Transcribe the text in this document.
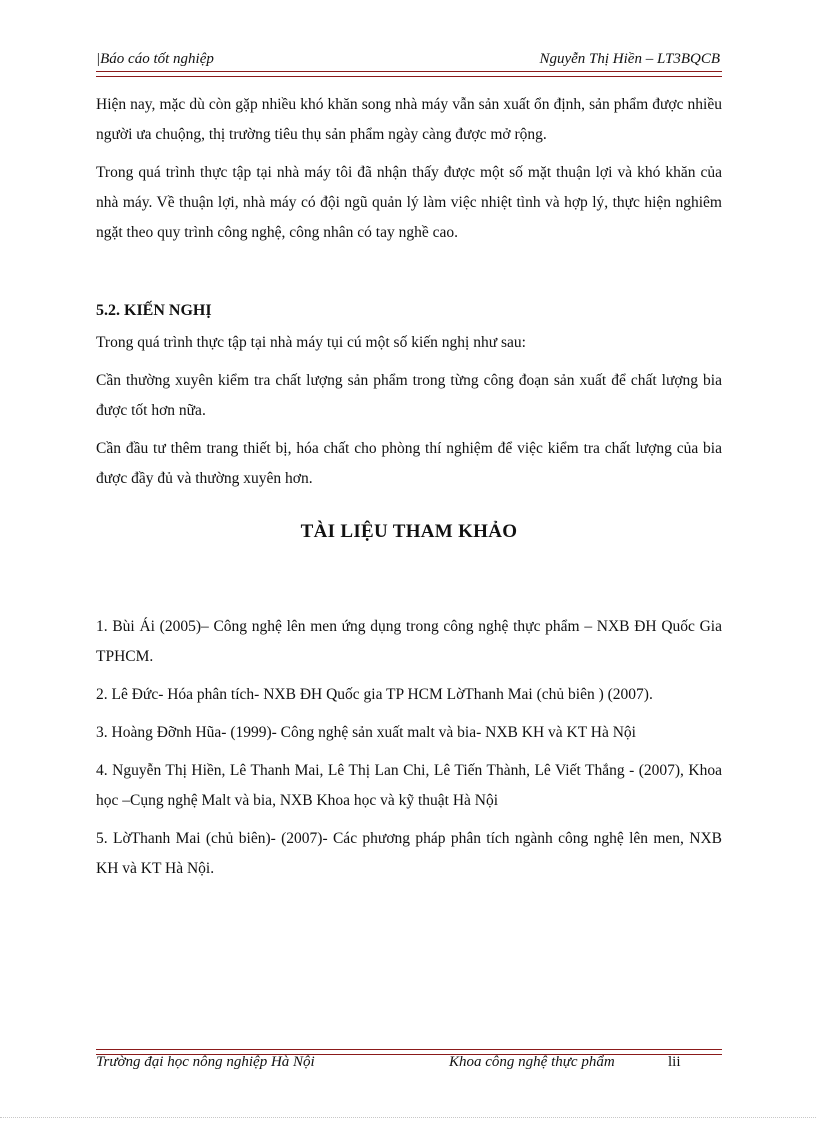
|Báo cáo tốt nghiệp	Nguyễn Thị Hiền – LT3BQCB

Hiện nay, mặc dù còn gặp nhiều khó khăn song nhà máy vẫn sản xuất ổn định, sản phẩm được nhiều người ưa chuộng, thị trường tiêu thụ sản phẩm ngày càng được mở rộng.

Trong quá trình thực tập tại nhà máy tôi đã nhận thấy được một số mặt thuận lợi và khó khăn của nhà máy. Về thuận lợi, nhà máy có đội ngũ quản lý làm việc nhiệt tình và hợp lý, thực hiện nghiêm ngặt theo quy trình công nghệ, công nhân có tay nghề cao.

5.2. KIẾN NGHỊ

Trong quá trình thực tập tại nhà máy tụi cú một số kiến nghị như sau:

Cần thường xuyên kiểm tra chất lượng sản phẩm trong từng công đoạn sản xuất để chất lượng bia được tốt hơn nữa.

Cần đầu tư thêm trang thiết bị, hóa chất cho phòng thí nghiệm để việc kiểm tra chất lượng của bia được đầy đủ và thường xuyên hơn.

TÀI LIỆU THAM KHẢO

1. Bùi Ái (2005)– Công nghệ lên men ứng dụng trong công nghệ thực phẩm – NXB ĐH Quốc Gia TPHCM.

2. Lê Đức- Hóa phân tích- NXB ĐH Quốc gia TP HCM LờThanh Mai (chủ biên ) (2007).

3. Hoàng Đỡnh Hũa- (1999)- Công nghệ sản xuất malt và bia- NXB KH và KT Hà Nội

4. Nguyễn Thị Hiền, Lê Thanh Mai, Lê Thị Lan Chi, Lê Tiến Thành, Lê Viết Thắng - (2007), Khoa học –Cụng nghệ Malt và bia, NXB Khoa học và kỹ thuật Hà Nội

5. LờThanh Mai (chủ biên)- (2007)- Các phương pháp phân tích ngành công nghệ lên men, NXB KH và KT Hà Nội.

Trường đại học nông nghiệp Hà Nội	Khoa công nghệ thực phẩm	lii
